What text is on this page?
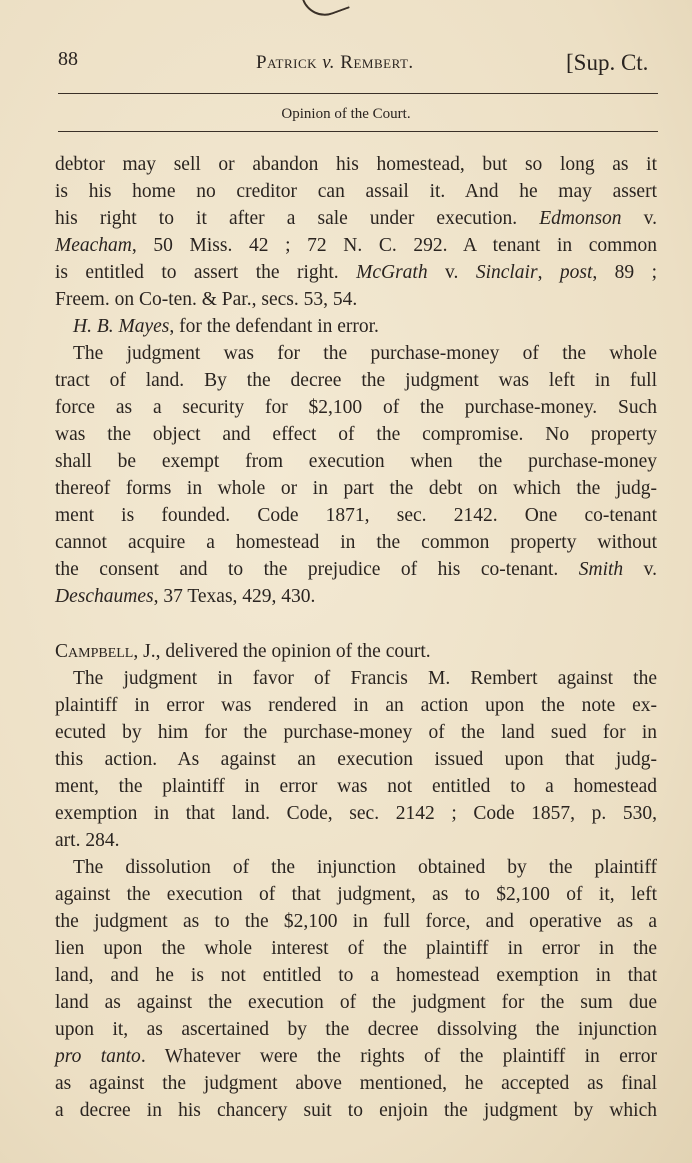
88	Patrick v. Rembert.	[Sup. Ct.
Opinion of the Court.
debtor may sell or abandon his homestead, but so long as it
is his home no creditor can assail it. And he may assert
his right to it after a sale under execution. Edmonson v.
Meacham, 50 Miss. 42 ; 72 N. C. 292. A tenant in common
is entitled to assert the right. McGrath v. Sinclair, post, 89 ;
Freem. on Co-ten. & Par., secs. 53, 54.
H. B. Mayes, for the defendant in error.
The judgment was for the purchase-money of the whole
tract of land. By the decree the judgment was left in full
force as a security for $2,100 of the purchase-money. Such
was the object and effect of the compromise. No property
shall be exempt from execution when the purchase-money
thereof forms in whole or in part the debt on which the judg-
ment is founded. Code 1871, sec. 2142. One co-tenant
cannot acquire a homestead in the common property without
the consent and to the prejudice of his co-tenant. Smith v.
Deschaumes, 37 Texas, 429, 430.
Campbell, J., delivered the opinion of the court.
The judgment in favor of Francis M. Rembert against the
plaintiff in error was rendered in an action upon the note ex-
ecuted by him for the purchase-money of the land sued for in
this action. As against an execution issued upon that judg-
ment, the plaintiff in error was not entitled to a homestead
exemption in that land. Code, sec. 2142 ; Code 1857, p. 530,
art. 284.
The dissolution of the injunction obtained by the plaintiff
against the execution of that judgment, as to $2,100 of it, left
the judgment as to the $2,100 in full force, and operative as a
lien upon the whole interest of the plaintiff in error in the
land, and he is not entitled to a homestead exemption in that
land as against the execution of the judgment for the sum due
upon it, as ascertained by the decree dissolving the injunction
pro tanto. Whatever were the rights of the plaintiff in error
as against the judgment above mentioned, he accepted as final
a decree in his chancery suit to enjoin the judgment by which
